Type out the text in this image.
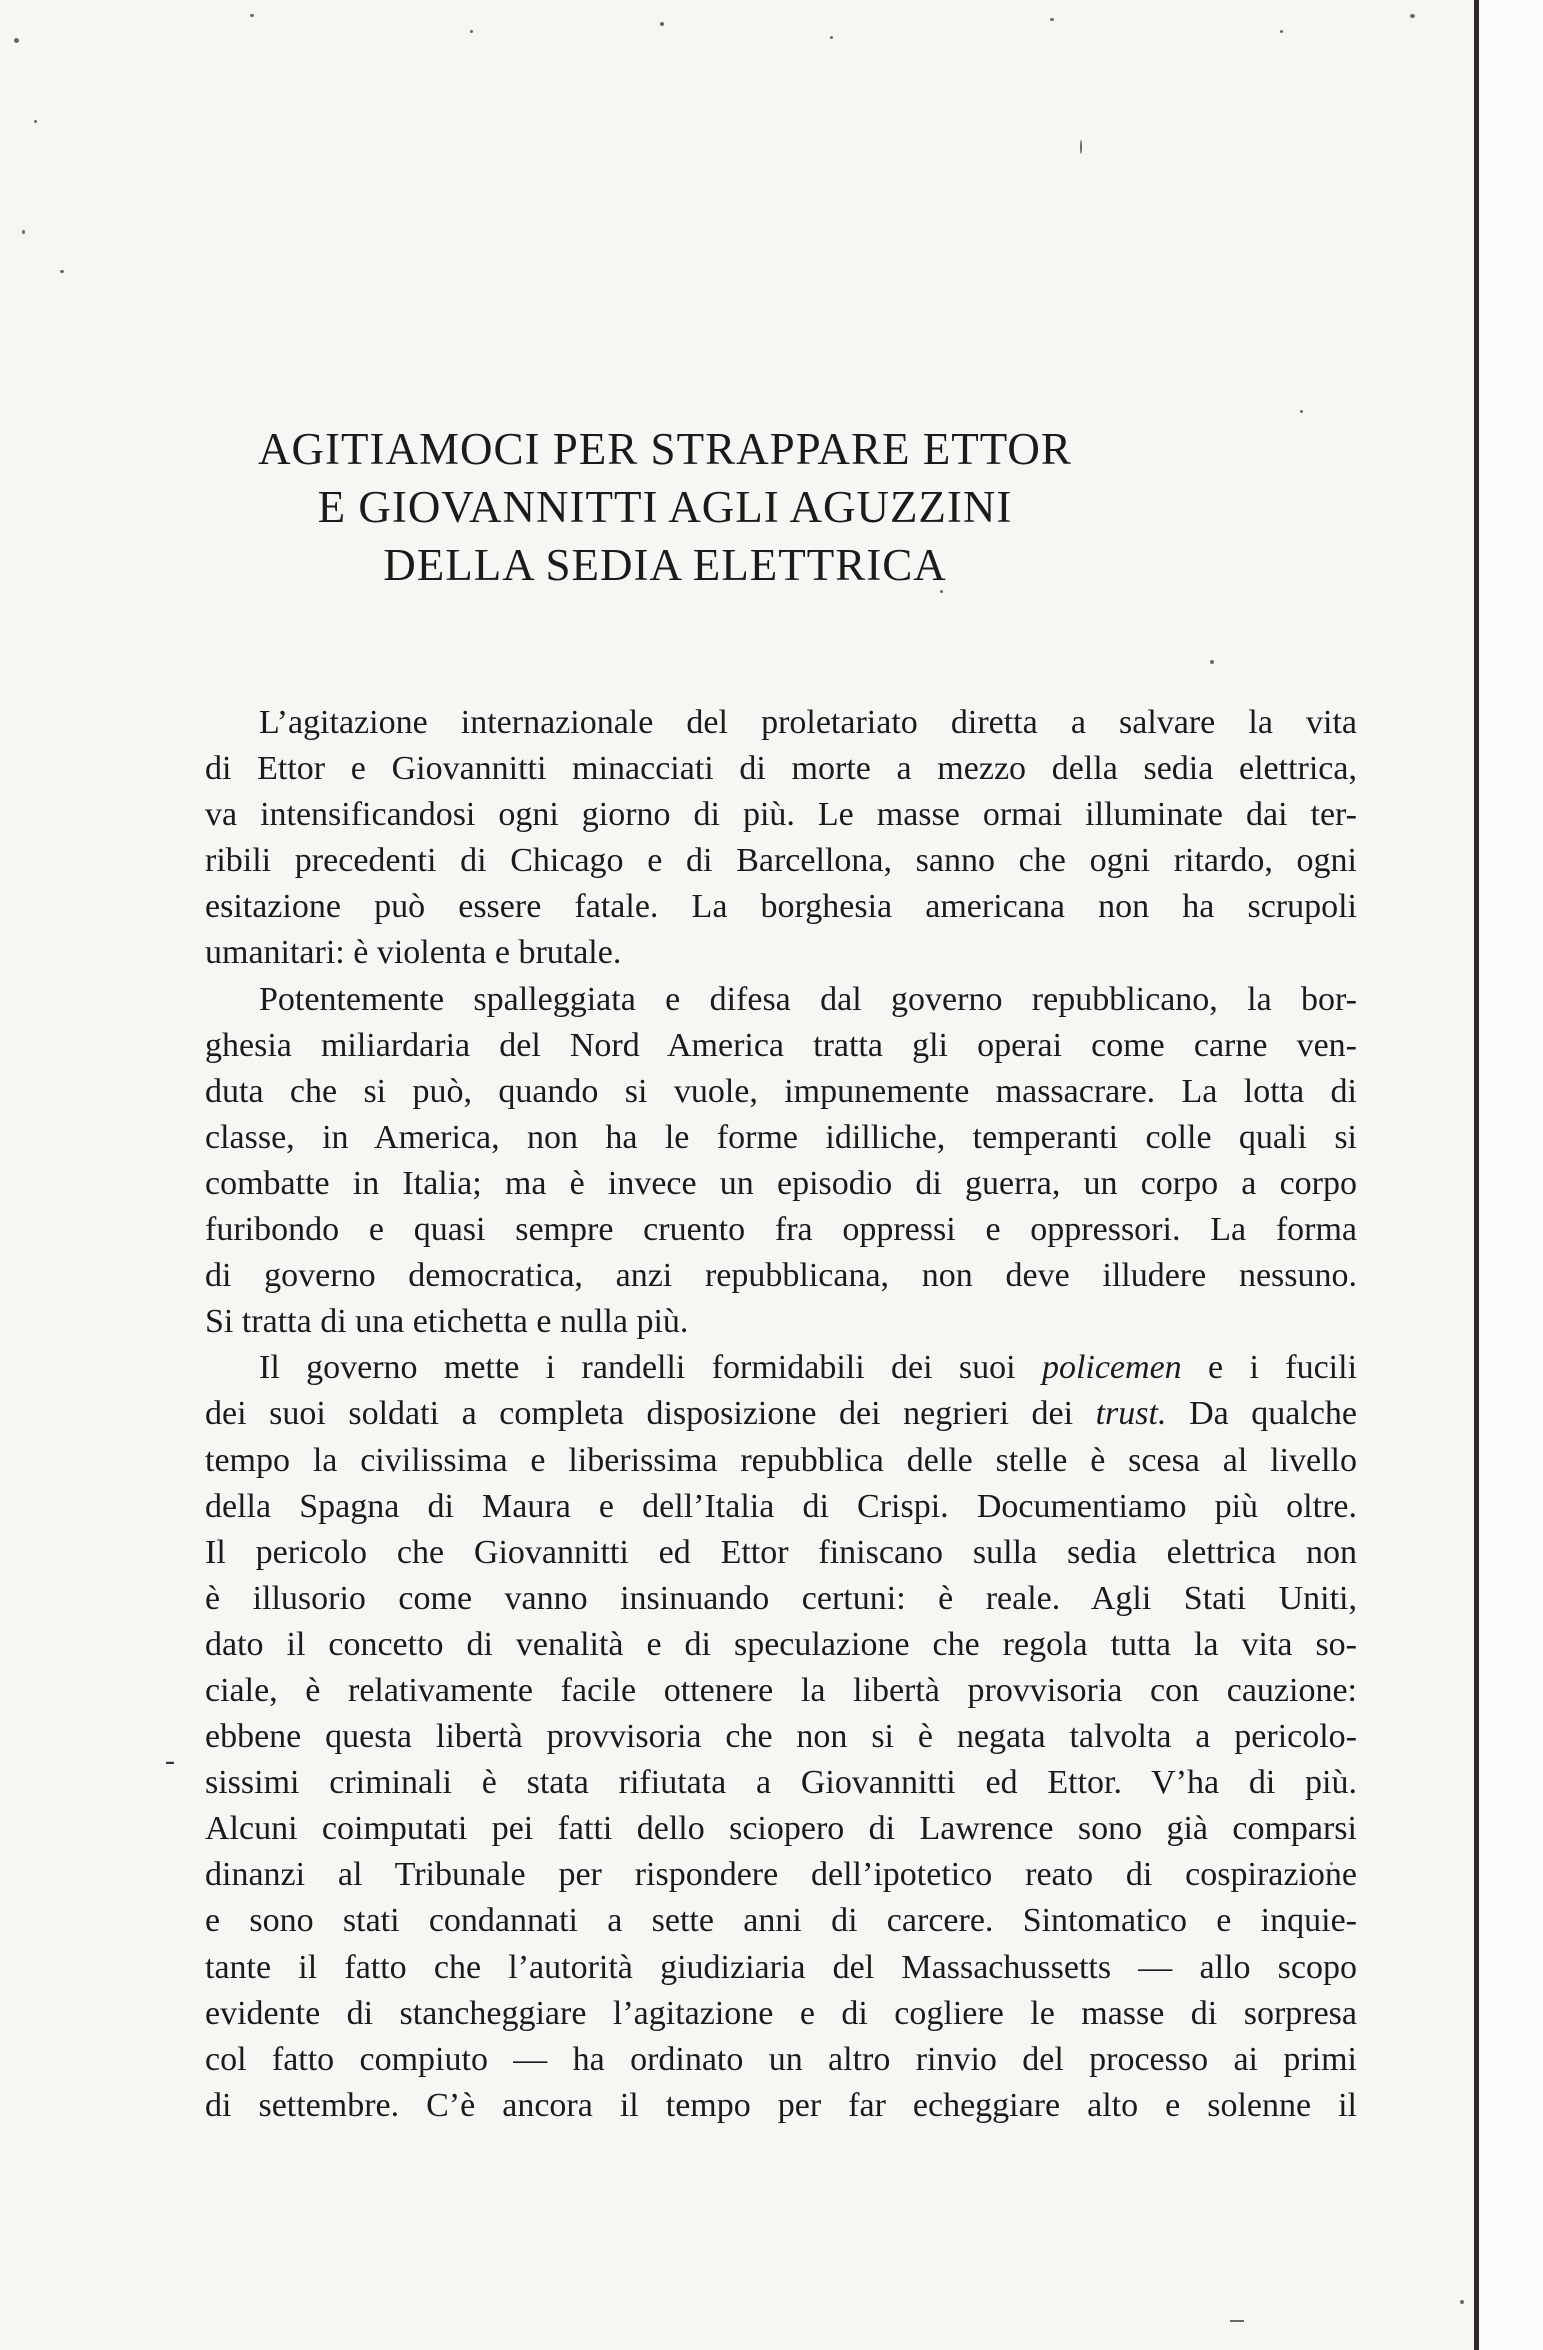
-
AGITIAMOCI PER STRAPPARE ETTOR
E GIOVANNITTI AGLI AGUZZINI
DELLA SEDIA ELETTRICA
L’agitazione internazionale del proletariato diretta a salvare la vita
di Ettor e Giovannitti minacciati di morte a mezzo della sedia elettrica,
va intensificandosi ogni giorno di più. Le masse ormai illuminate dai ter-
ribili precedenti di Chicago e di Barcellona, sanno che ogni ritardo, ogni
esitazione può essere fatale. La borghesia americana non ha scrupoli
umanitari: è violenta e brutale.
Potentemente spalleggiata e difesa dal governo repubblicano, la bor-
ghesia miliardaria del Nord America tratta gli operai come carne ven-
duta che si può, quando si vuole, impunemente massacrare. La lotta di
classe, in America, non ha le forme idilliche, temperanti colle quali si
combatte in Italia; ma è invece un episodio di guerra, un corpo a corpo
furibondo e quasi sempre cruento fra oppressi e oppressori. La forma
di governo democratica, anzi repubblicana, non deve illudere nessuno.
Si tratta di una etichetta e nulla più.
Il governo mette i randelli formidabili dei suoi policemen e i fucili
dei suoi soldati a completa disposizione dei negrieri dei trust. Da qualche
tempo la civilissima e liberissima repubblica delle stelle è scesa al livello
della Spagna di Maura e dell’Italia di Crispi. Documentiamo più oltre.
Il pericolo che Giovannitti ed Ettor finiscano sulla sedia elettrica non
è illusorio come vanno insinuando certuni: è reale. Agli Stati Uniti,
dato il concetto di venalità e di speculazione che regola tutta la vita so-
ciale, è relativamente facile ottenere la libertà provvisoria con cauzione:
ebbene questa libertà provvisoria che non si è negata talvolta a pericolo-
sissimi criminali è stata rifiutata a Giovannitti ed Ettor. V’ha di più.
Alcuni coimputati pei fatti dello sciopero di Lawrence sono già comparsi
dinanzi al Tribunale per rispondere dell’ipotetico reato di cospirazione
e sono stati condannati a sette anni di carcere. Sintomatico e inquie-
tante il fatto che l’autorità giudiziaria del Massachussetts — allo scopo
evidente di stancheggiare l’agitazione e di cogliere le masse di sorpresa
col fatto compiuto — ha ordinato un altro rinvio del processo ai primi
di settembre. C’è ancora il tempo per far echeggiare alto e solenne il
